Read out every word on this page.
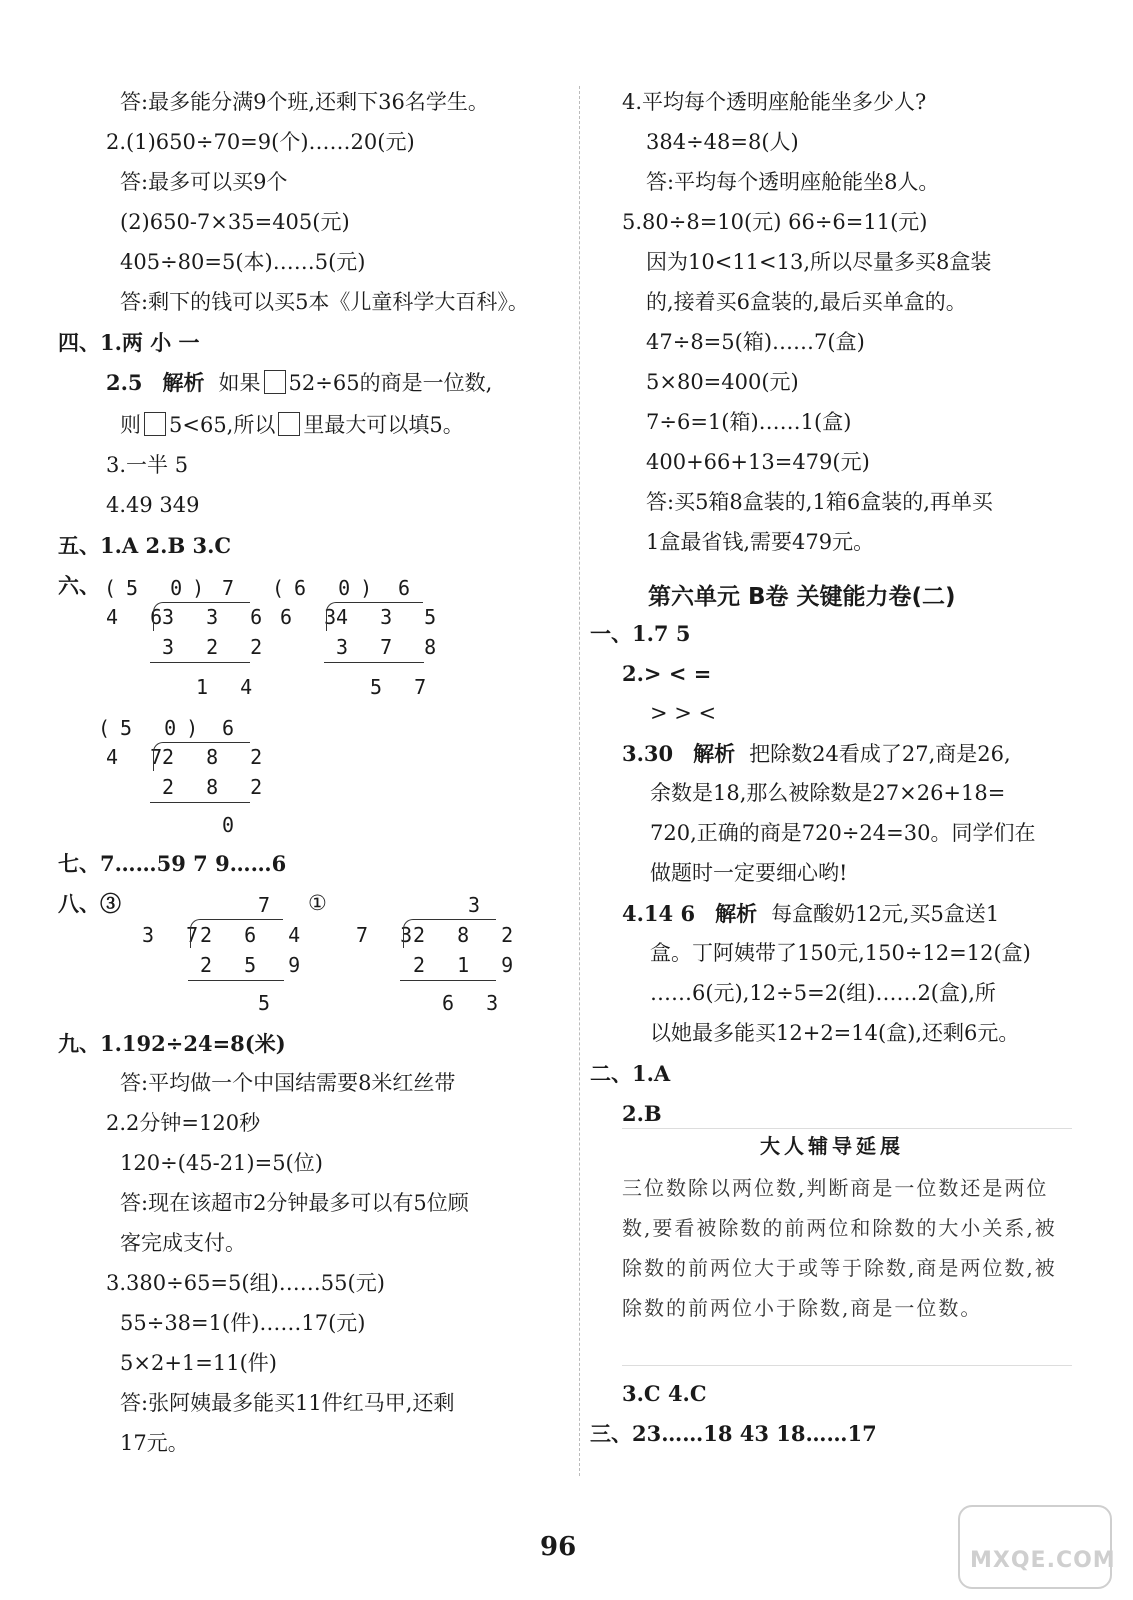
答:最多能分满9个班,还剩下36名学生。
2.(1)650÷70=9(个)……20(元)
答:最多可以买9个
(2)650-7×35=405(元)
405÷80=5(本)……5(元)
答:剩下的钱可以买5本《儿童科学大百科》。
四、1.两 小 一
2.5 解析 如果 52÷65的商是一位数,
则 5<65,所以 里最大可以填5。
3.一半 5
4.49 349
五、1.A 2.B 3.C
六、 (5 0) 7
4 6
3 3 6
3 2 2
1 4
(6 0) 6
6 3
4 3 5
3 7 8
5 7
(5 0) 6
4 7
2 8 2
2 8 2
0
七、7……59 7 9……6
八、③	①
7
3 7
2 6 4
2 5 9
5
3
7 3
2 8 2
2 1 9
6 3
九、1.192÷24=8(米)
答:平均做一个中国结需要8米红丝带
2.2分钟=120秒
120÷(45-21)=5(位)
答:现在该超市2分钟最多可以有5位顾
客完成支付。
3.380÷65=5(组)……55(元)
55÷38=1(件)……17(元)
5×2+1=11(件)
答:张阿姨最多能买11件红马甲,还剩
17元。
4.平均每个透明座舱能坐多少人?
384÷48=8(人)
答:平均每个透明座舱能坐8人。
5.80÷8=10(元) 66÷6=11(元)
因为10<11<13,所以尽量多买8盒装
的,接着买6盒装的,最后买单盒的。
47÷8=5(箱)……7(盒)
5×80=400(元)
7÷6=1(箱)……1(盒)
400+66+13=479(元)
答:买5箱8盒装的,1箱6盒装的,再单买
1盒最省钱,需要479元。
第六单元 B卷 关键能力卷(二)
一、1.7 5
2.> < =
> > <
3.30 解析 把除数24看成了27,商是26,
余数是18,那么被除数是27×26+18=
720,正确的商是720÷24=30。同学们在
做题时一定要细心哟!
4.14 6 解析 每盒酸奶12元,买5盒送1
盒。丁阿姨带了150元,150÷12=12(盒)
……6(元),12÷5=2(组)……2(盒),所
以她最多能买12+2=14(盒),还剩6元。
二、1.A
2.B
大人辅导延展
三位数除以两位数,判断商是一位数还是两位数,要看被除数的前两位和除数的大小关系,被除数的前两位大于或等于除数,商是两位数,被除数的前两位小于除数,商是一位数。
3.C 4.C
三、23……18 43 18……17
96	MXQE.COM
